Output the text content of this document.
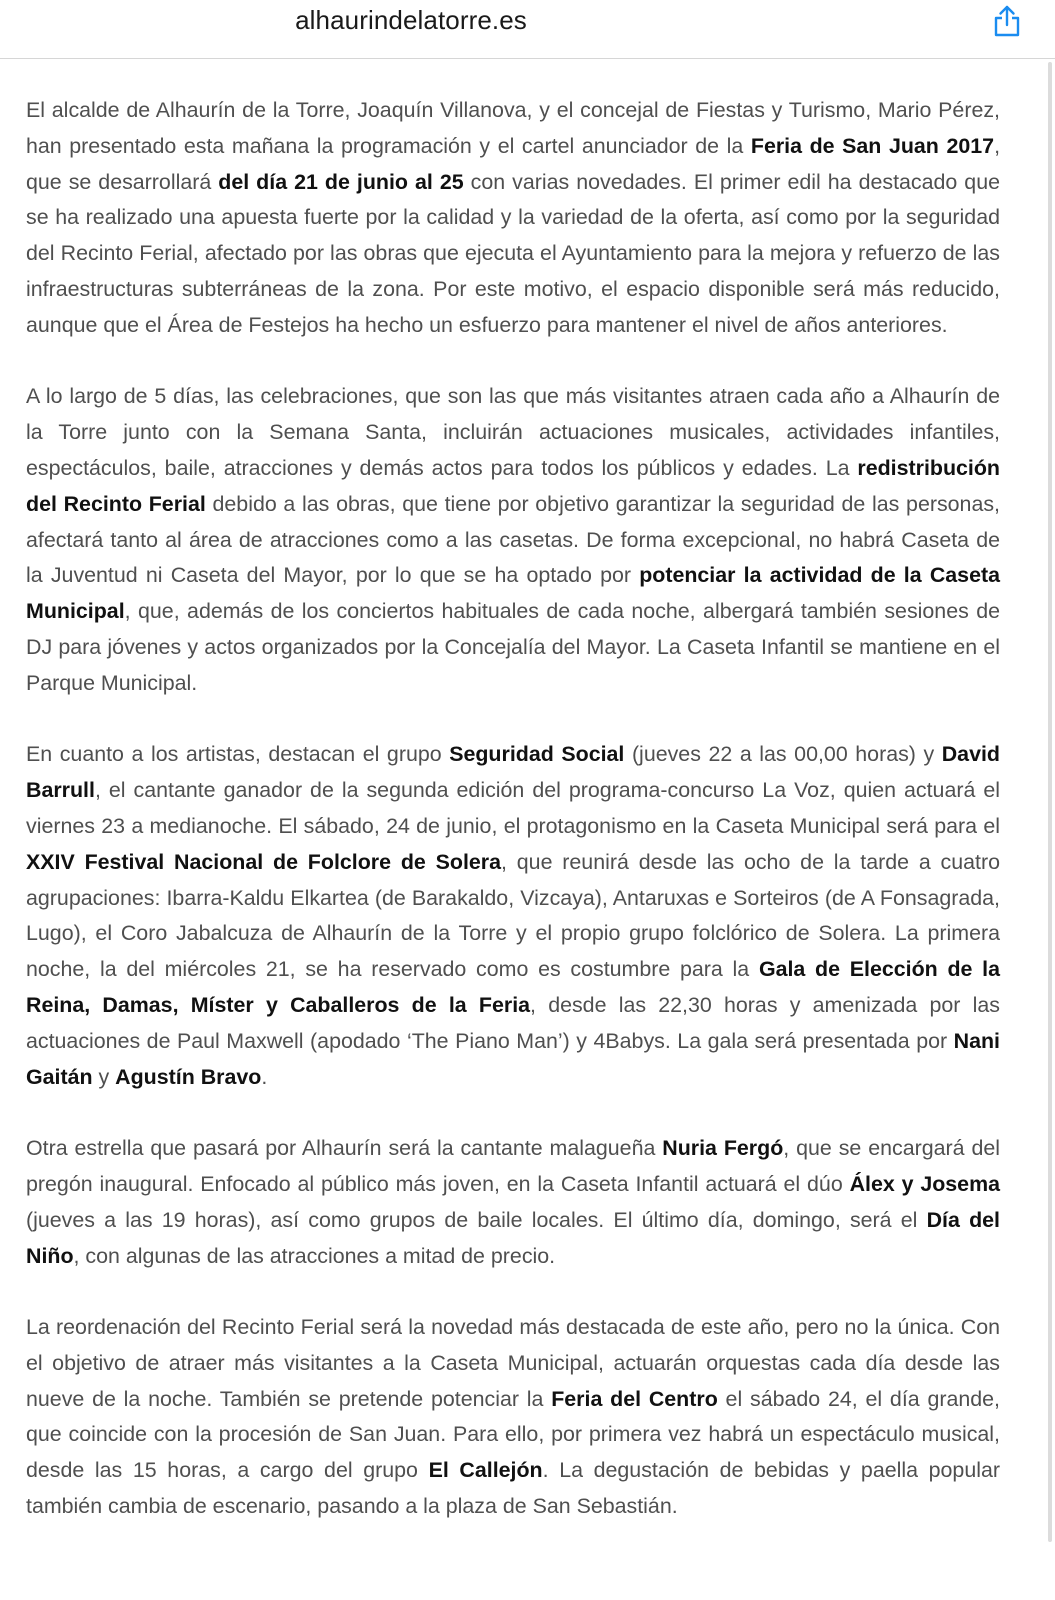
alhaurindelatorre.es

El alcalde de Alhaurín de la Torre, Joaquín Villanova, y el concejal de Fiestas y Turismo, Mario Pérez, han presentado esta mañana la programación y el cartel anunciador de la Feria de San Juan 2017, que se desarrollará del día 21 de junio al 25 con varias novedades. El primer edil ha destacado que se ha realizado una apuesta fuerte por la calidad y la variedad de la oferta, así como por la seguridad del Recinto Ferial, afectado por las obras que ejecuta el Ayuntamiento para la mejora y refuerzo de las infraestructuras subterráneas de la zona. Por este motivo, el espacio disponible será más reducido, aunque que el Área de Festejos ha hecho un esfuerzo para mantener el nivel de años anteriores.

A lo largo de 5 días, las celebraciones, que son las que más visitantes atraen cada año a Alhaurín de la Torre junto con la Semana Santa, incluirán actuaciones musicales, actividades infantiles, espectáculos, baile, atracciones y demás actos para todos los públicos y edades. La redistribución del Recinto Ferial debido a las obras, que tiene por objetivo garantizar la seguridad de las personas, afectará tanto al área de atracciones como a las casetas. De forma excepcional, no habrá Caseta de la Juventud ni Caseta del Mayor, por lo que se ha optado por potenciar la actividad de la Caseta Municipal, que, además de los conciertos habituales de cada noche, albergará también sesiones de DJ para jóvenes y actos organizados por la Concejalía del Mayor. La Caseta Infantil se mantiene en el Parque Municipal.

En cuanto a los artistas, destacan el grupo Seguridad Social (jueves 22 a las 00,00 horas) y David Barrull, el cantante ganador de la segunda edición del programa-concurso La Voz, quien actuará el viernes 23 a medianoche. El sábado, 24 de junio, el protagonismo en la Caseta Municipal será para el XXIV Festival Nacional de Folclore de Solera, que reunirá desde las ocho de la tarde a cuatro agrupaciones: Ibarra-Kaldu Elkartea (de Barakaldo, Vizcaya), Antaruxas e Sorteiros (de A Fonsagrada, Lugo), el Coro Jabalcuza de Alhaurín de la Torre y el propio grupo folclórico de Solera. La primera noche, la del miércoles 21, se ha reservado como es costumbre para la Gala de Elección de la Reina, Damas, Míster y Caballeros de la Feria, desde las 22,30 horas y amenizada por las actuaciones de Paul Maxwell (apodado ‘The Piano Man’) y 4Babys. La gala será presentada por Nani Gaitán y Agustín Bravo.

Otra estrella que pasará por Alhaurín será la cantante malagueña Nuria Fergó, que se encargará del pregón inaugural. Enfocado al público más joven, en la Caseta Infantil actuará el dúo Álex y Josema (jueves a las 19 horas), así como grupos de baile locales. El último día, domingo, será el Día del Niño, con algunas de las atracciones a mitad de precio.

La reordenación del Recinto Ferial será la novedad más destacada de este año, pero no la única. Con el objetivo de atraer más visitantes a la Caseta Municipal, actuarán orquestas cada día desde las nueve de la noche. También se pretende potenciar la Feria del Centro el sábado 24, el día grande, que coincide con la procesión de San Juan. Para ello, por primera vez habrá un espectáculo musical, desde las 15 horas, a cargo del grupo El Callejón. La degustación de bebidas y paella popular también cambia de escenario, pasando a la plaza de San Sebastián.
